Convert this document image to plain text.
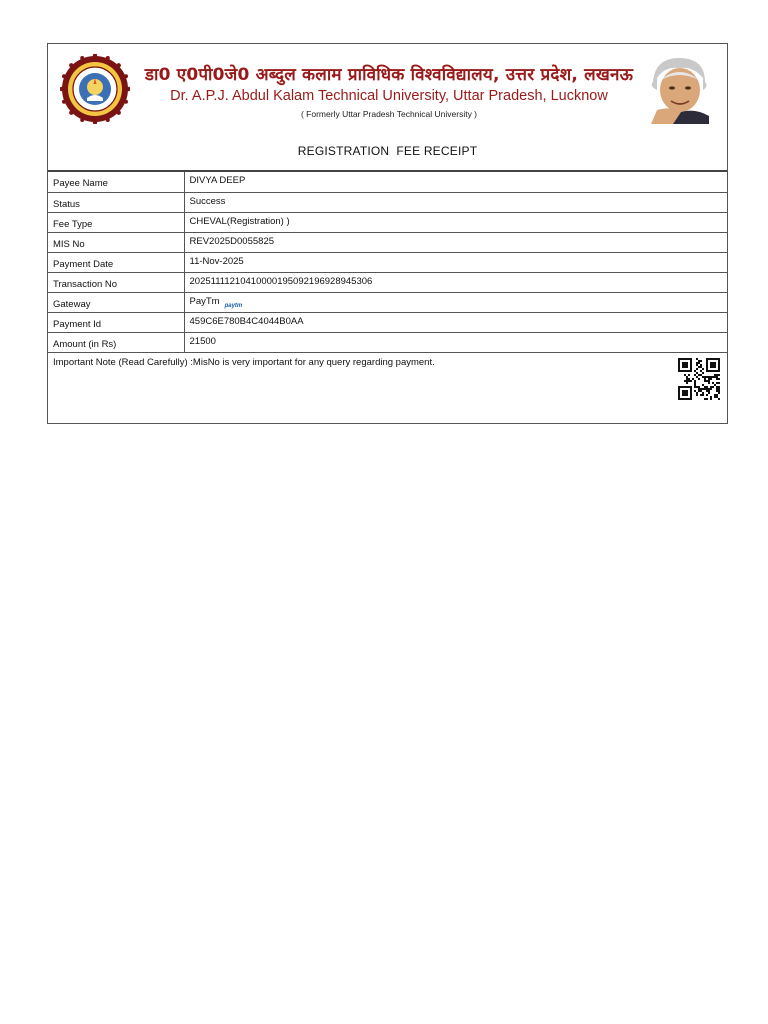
डा0 ए0पी0जे0 अब्दुल कलाम प्राविधिक विश्वविद्यालय, उत्तर प्रदेश, लखनऊ
Dr. A.P.J. Abdul Kalam Technical University, Uttar Pradesh, Lucknow
( Formerly Uttar Pradesh Technical University )
REGISTRATION  FEE RECEIPT
Payee Name	DIVYA DEEP
Status	Success
Fee Type	CHEVAL(Registration) )
MIS No	REV2025D0055825
Payment Date	11-Nov-2025
Transaction No	20251111210410000195092196928945306
Gateway	PayTm paytm
Payment Id	459C6E780B4C4044B0AA
Amount (in Rs)	21500
Important Note (Read Carefully) :MisNo is very important for any query regarding payment.
